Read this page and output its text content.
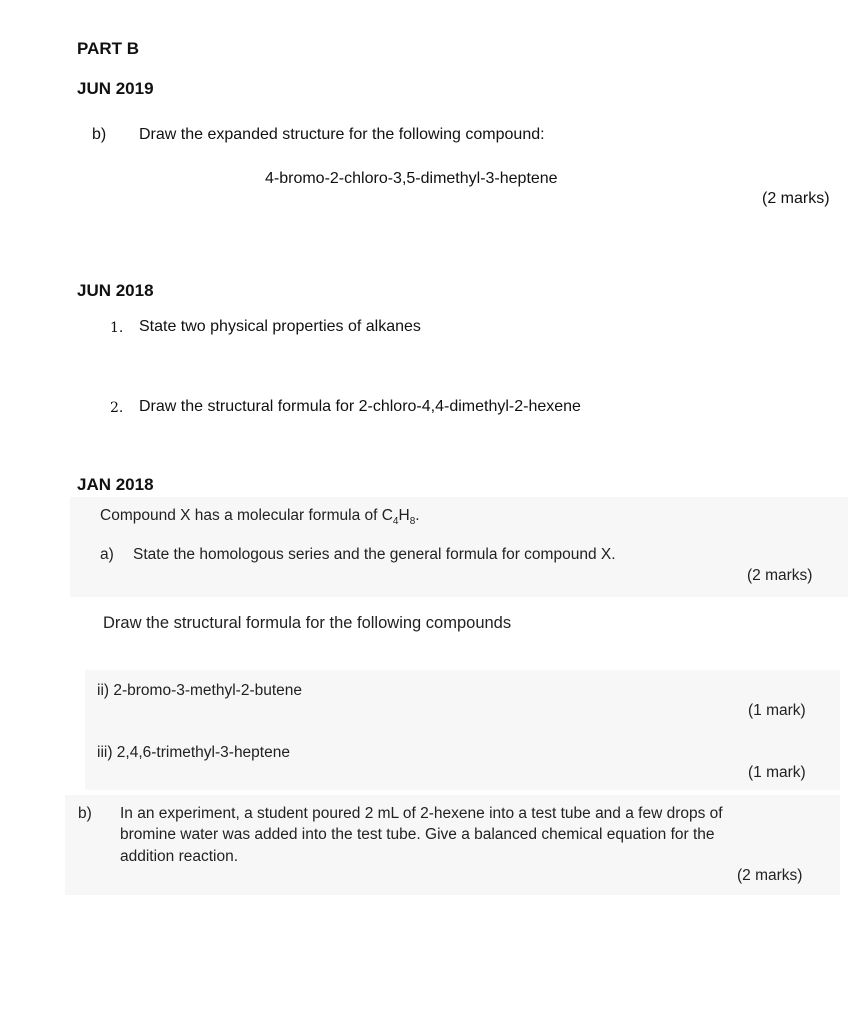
PART B
JUN 2019
b) Draw the expanded structure for the following compound:
4-bromo-2-chloro-3,5-dimethyl-3-heptene
(2 marks)
JUN 2018
1. State two physical properties of alkanes
2. Draw the structural formula for 2-chloro-4,4-dimethyl-2-hexene
JAN 2018
Compound X has a molecular formula of $C_4H_8$.
a) State the homologous series and the general formula for compound X.
(2 marks)
Draw the structural formula for the following compounds
ii) 2-bromo-3-methyl-2-butene
(1 mark)
iii) 2,4,6-trimethyl-3-heptene
(1 mark)
b) In an experiment, a student poured 2 mL of 2-hexene into a test tube and a few drops of
bromine water was added into the test tube. Give a balanced chemical equation for the
addition reaction.
(2 marks)
